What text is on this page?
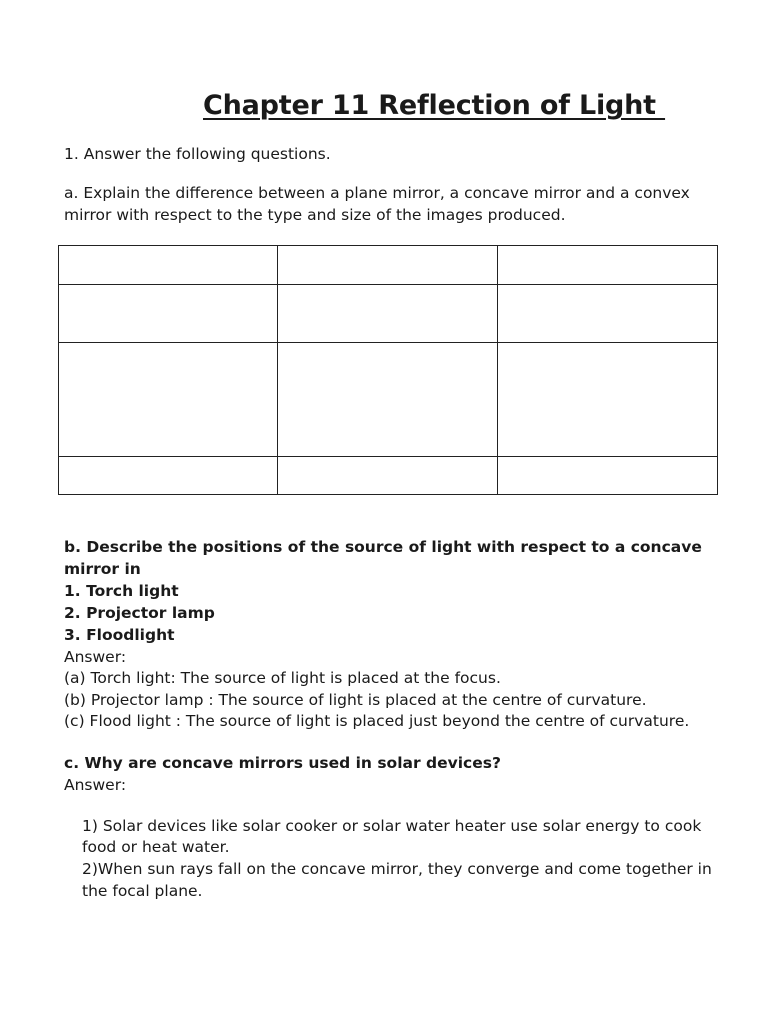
Chapter 11 Reflection of Light
1. Answer the following questions.
a. Explain the difference between a plane mirror, a concave mirror and a convex
mirror with respect to the type and size of the images produced.

b. Describe the positions of the source of light with respect to a concave
mirror in
1. Torch light
2. Projector lamp
3. Floodlight
Answer:
(a) Torch light: The source of light is placed at the focus.
(b) Projector lamp : The source of light is placed at the centre of curvature.
(c) Flood light : The source of light is placed just beyond the centre of curvature.
c. Why are concave mirrors used in solar devices?
Answer:
1) Solar devices like solar cooker or solar water heater use solar energy to cook
food or heat water.
2)When sun rays fall on the concave mirror, they converge and come together in
the focal plane.
